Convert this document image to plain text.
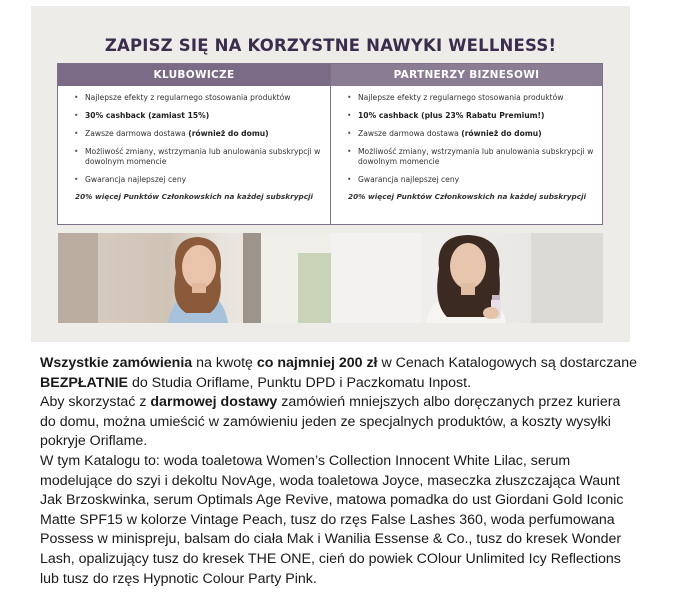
ZAPISZ SIĘ NA KORZYSTNE NAWYKI WELLNESS!
KLUBOWICZE
• Najlepsze efekty z regularnego stosowania produktów
• 30% cashback (zamiast 15%)
• Zawsze darmowa dostawa (również do domu)
• Możliwość zmiany, wstrzymania lub anulowania subskrypcji w dowolnym momencie
• Gwarancja najlepszej ceny
20% więcej Punktów Członkowskich na każdej subskrypcji
PARTNERZY BIZNESOWI
• Najlepsze efekty z regularnego stosowania produktów
• 10% cashback (plus 23% Rabatu Premium!)
• Zawsze darmowa dostawa (również do domu)
• Możliwość zmiany, wstrzymania lub anulowania subskrypcji w dowolnym momencie
• Gwarancja najlepszej ceny
20% więcej Punktów Członkowskich na każdej subskrypcji

Wszystkie zamówienia na kwotę co najmniej 200 zł w Cenach Katalogowych są dostarczane BEZPŁATNIE do Studia Oriflame, Punktu DPD i Paczkomatu Inpost.

Aby skorzystać z darmowej dostawy zamówień mniejszych albo doręczanych przez kuriera do domu, można umieścić w zamówieniu jeden ze specjalnych produktów, a koszty wysyłki pokryje Oriflame.

W tym Katalogu to: woda toaletowa Women’s Collection Innocent White Lilac, serum modelujące do szyi i dekoltu NovAge, woda toaletowa Joyce, maseczka złuszczająca Waunt Jak Brzoskwinka, serum Optimals Age Revive, matowa pomadka do ust Giordani Gold Iconic Matte SPF15 w kolorze Vintage Peach, tusz do rzęs False Lashes 360, woda perfumowana Possess w minispreju, balsam do ciała Mak i Wanilia Essense & Co., tusz do kresek Wonder Lash, opalizujący tusz do kresek THE ONE, cień do powiek COlour Unlimited Icy Reflections lub tusz do rzęs Hypnotic Colour Party Pink.
